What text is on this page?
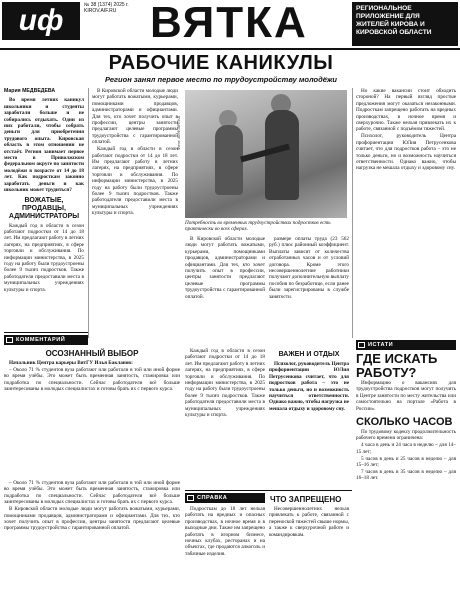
иф	№ 38 (1374) 2025 г.
KIROV.AIF.RU ВЯТКА	РЕГИОНАЛЬНОЕ ПРИЛОЖЕНИЕ ДЛЯ ЖИТЕЛЕЙ КИРОВА И КИРОВСКОЙ ОБЛАСТИ
РАБОЧИЕ КАНИКУЛЫ
Регион занял первое место по трудоустройству молодёжи
Мария МЕДВЕДЕВА

Во время летних каникул школьники и студенты заработали больше и не собирались отдыхать. Одни из них работали, чтобы собрать деньги для приобретения трудового опыта. Кировская область в этом отношении не отстаёт. Регион занимает первое место в Приволжском федеральном округе по занятости молодёжи в возрасте от 14 до 18 лет. Как подросткам законно заработать деньги и как школьник может трудиться?

ВОЖАТЫЕ, ПРОДАВЦЫ, АДМИНИСТРАТОРЫ

Каждый год в области в сезон работают подростки от 14 до 18 лет. Им предлагают работу в летних лагерях, на предприятиях, в сфере торговли и обслуживания. По информации министерства, в 2025 году на работу были трудоустроены более 9 тысяч подростков. Также работодатели предоставили места в муниципальных учреждениях культуры и спорта.

В Кировской области молодые люди могут работать вожатыми, курьерами, помощниками продавцов, администраторами и официантами. Для тех, кто хочет получить опыт в профессии, центры занятости предлагают целевые программы трудоустройства с гарантированной оплатой.

Каждый год в области в сезон работают подростки от 14 до 18 лет. Им предлагают работу в летних лагерях, на предприятиях, в сфере торговли и обслуживания. По информации министерства, в 2025 году на работу были трудоустроены более 9 тысяч подростков. Также работодатели предоставили места в муниципальных учреждениях культуры и спорта.

Фото: АИФ-ВЯТКА
Потребность во временных трудоустройствах подростков есть практически во всех сферах.

В Кировской области молодые люди могут работать вожатыми, курьерами, помощниками продавцов, администраторами и официантами. Для тех, кто хочет получить опыт в профессии, центры занятости предлагают целевые программы трудоустройства с гарантированной оплатой.

размере оплаты труда (23 562 руб.) плюс районный коэффициент. Выплаты зависят от количества отработанных часов и от условий договора. Кроме этого несовершеннолетние работники получают дополнительную выплату пособия по безработице, если ранее были зарегистрированы в службе занятости.

Но какие вакансии стоит обходить стороной? На первый взгляд простые предложения могут оказаться незаконными. Подросткам запрещено работать на вредных производствах, в ночное время и сверхурочно. Также нельзя привлекать их к работе, связанной с подъёмом тяжестей.

Психолог, руководитель Центра профориентации ЮЛия Петрусенкова считает, что для подростков работа – это не только деньги, но и возможность научиться ответственности. Однако важно, чтобы нагрузка не мешала отдыху и здоровому сну.

КОММЕНТАРИЙ
ОСОЗНАННЫЙ ВЫБОР

Начальник Центра карьеры ВятГУ Илья Бакланов:

– Около 71 % студентов вуза работают или работали в той или иной форме во время учёбы. Это может быть временная занятость, стажировка или подработка по специальности. Сейчас работодатели всё больше заинтересованы в молодых специалистах и готовы брать их с первого курса.

ВАЖЕН И ОТДЫХ

Психолог, руководитель Центра профориентации ЮЛия Петрусенкова считает, что для подростков работа – это не только деньги, но и возможность научиться ответственности. Однако важно, чтобы нагрузка не мешала отдыху и здоровому сну.

Каждый год в области в сезон работают подростки от 14 до 18 лет. Им предлагают работу в летних лагерях, на предприятиях, в сфере торговли и обслуживания. По информации министерства, в 2025 году на работу были трудоустроены более 9 тысяч подростков. Также работодатели предоставили места в муниципальных учреждениях культуры и спорта.

ИСТАТИ
ГДЕ ИСКАТЬ РАБОТУ?

Информацию о вакансиях для трудоустройства подростков могут получить в Центре занятости по месту жительства или самостоятельно на портале «Работа в России».

СКОЛЬКО ЧАСОВ

По трудовому кодексу продолжительность рабочего времени ограничена:

4 часа в день и 24 часа в неделю – для 14–15 лет;

5 часов в день и 25 часов в неделю – для 15–16 лет;

7 часов в день и 35 часов в неделю – для 16–18 лет.

СПРАВКА	ЧТО ЗАПРЕЩЕНО

Подросткам до 18 лет нельзя работать на вредных и опасных производствах, в ночное время и в выходные дни. Также им запрещено работать в игорном бизнесе, ночных клубах, ресторанах и на объектах, где продаются алкоголь и табачные изделия.

Несовершеннолетних нельзя привлекать к работе, связанной с переноской тяжестей свыше нормы, а также к сверхурочной работе и командировкам.

– Около 71 % студентов вуза работают или работали в той или иной форме во время учёбы. Это может быть временная занятость, стажировка или подработка по специальности. Сейчас работодатели всё больше заинтересованы в молодых специалистах и готовы брать их с первого курса.

В Кировской области молодые люди могут работать вожатыми, курьерами, помощниками продавцов, администраторами и официантами. Для тех, кто хочет получить опыт в профессии, центры занятости предлагают целевые программы трудоустройства с гарантированной оплатой.
